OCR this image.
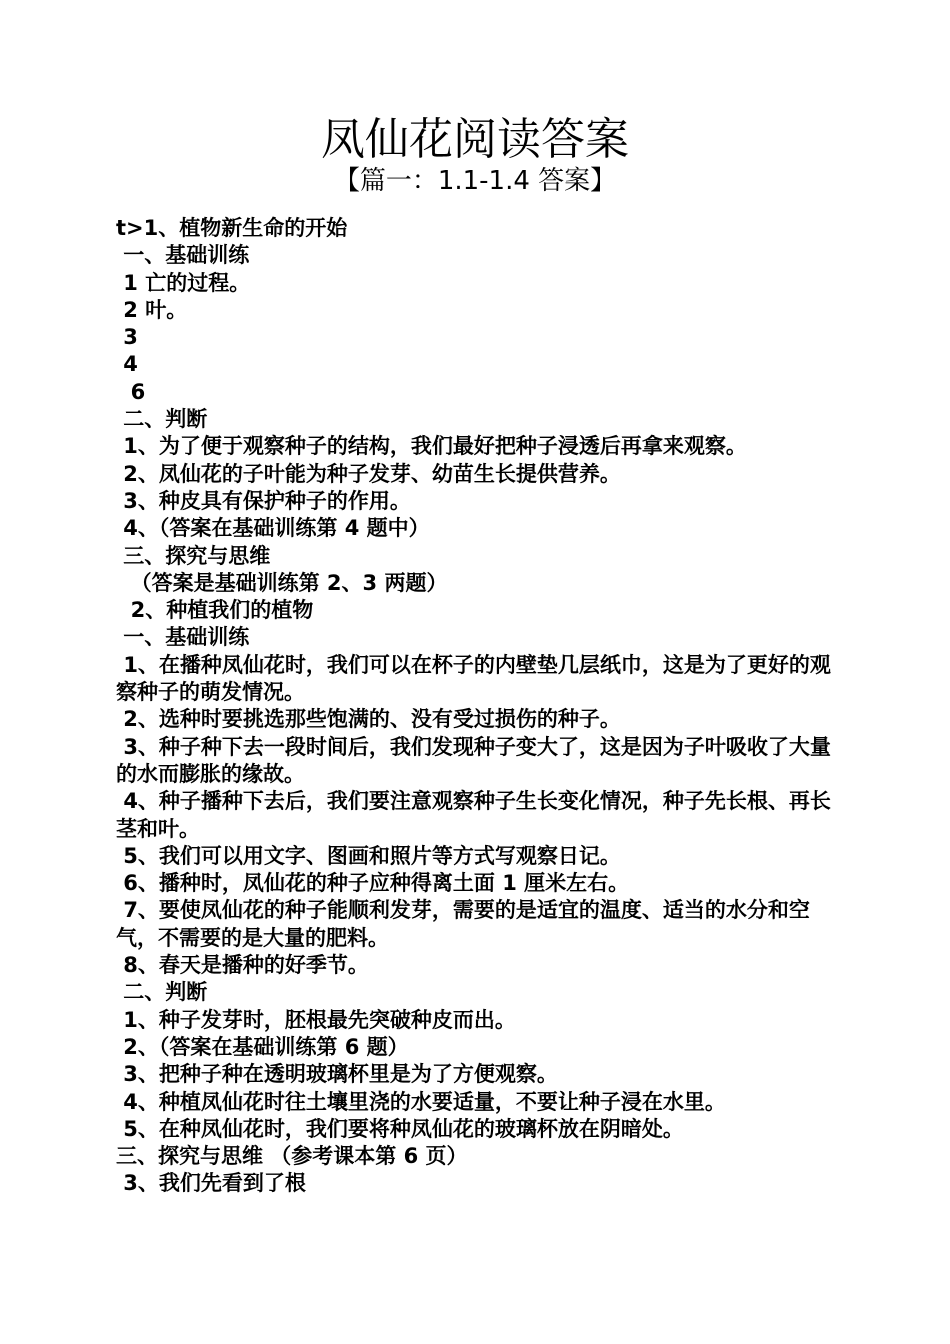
凤仙花阅读答案
【篇一：1.1-1.4 答案】

t>1、植物新生命的开始

一、基础训练

1 亡的过程。

2 叶。

3

4

6

二、判断

1、为了便于观察种子的结构，我们最好把种子浸透后再拿来观察。

2、凤仙花的子叶能为种子发芽、幼苗生长提供营养。

3、种皮具有保护种子的作用。

4、（答案在基础训练第 4 题中）

三、探究与思维

（答案是基础训练第 2、3 两题）

2、种植我们的植物

一、基础训练

1、在播种凤仙花时，我们可以在杯子的内壁垫几层纸巾，这是为了更好的观察种子的萌发情况。

2、选种时要挑选那些饱满的、没有受过损伤的种子。

3、种子种下去一段时间后，我们发现种子变大了，这是因为子叶吸收了大量的水而膨胀的缘故。

4、种子播种下去后，我们要注意观察种子生长变化情况，种子先长根、再长茎和叶。

5、我们可以用文字、图画和照片等方式写观察日记。

6、播种时，凤仙花的种子应种得离土面 1 厘米左右。

7、要使凤仙花的种子能顺利发芽，需要的是适宜的温度、适当的水分和空气，不需要的是大量的肥料。

8、春天是播种的好季节。

二、判断

1、种子发芽时，胚根最先突破种皮而出。

2、（答案在基础训练第 6 题）

3、把种子种在透明玻璃杯里是为了方便观察。

4、种植凤仙花时往土壤里浇的水要适量，不要让种子浸在水里。

5、在种凤仙花时，我们要将种凤仙花的玻璃杯放在阴暗处。

三、探究与思维 （参考课本第 6 页）

3、我们先看到了根
